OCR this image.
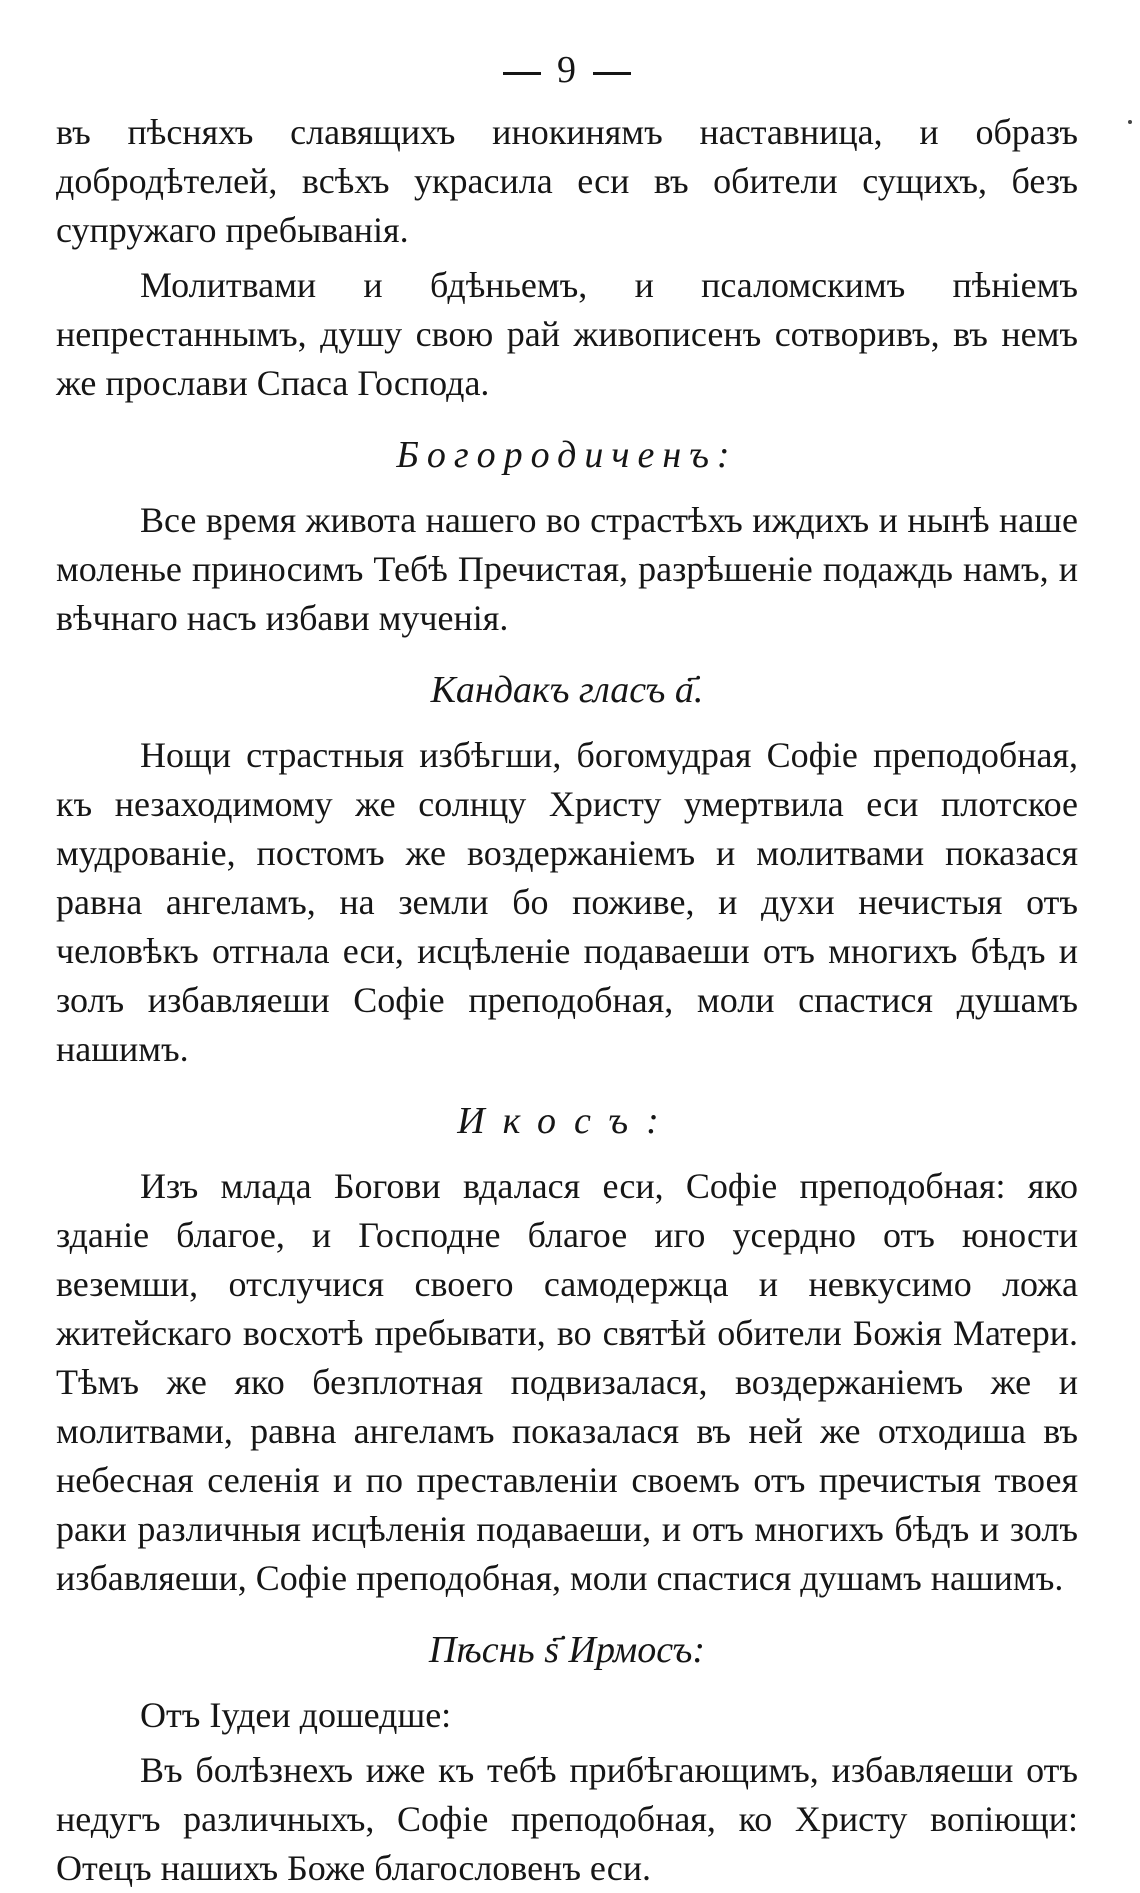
9

въ пѣсняхъ славящихъ инокинямъ наставница, и образъ добродѣтелей, всѣхъ украсила еси въ обители сущихъ, безъ супружаго пребыванія.

Молитвами и бдѣньемъ, и псаломскимъ пѣніемъ непрестаннымъ, душу свою рай живописенъ сотворивъ, въ немъ же прослави Спаса Господа.

Богородиченъ:

Все время живота нашего во страстѣхъ иждихъ и нынѣ наше моленье приносимъ Тебѣ Пречистая, разрѣшеніе подаждь намъ, и вѣчнаго насъ избави мученія.

Кандакъ гласъ а҃.

Нощи страстныя избѣгши, богомудрая Софіе преподобная, къ незаходимому же солнцу Христу умертвила еси плотское мудрованіе, постомъ же воздержаніемъ и молитвами показася равна ангеламъ, на земли бо поживе, и духи нечистыя отъ человѣкъ отгнала еси, исцѣленіе подаваеши отъ многихъ бѣдъ и золъ избавляеши Софіе преподобная, моли спастися душамъ нашимъ.

Икосъ:

Изъ млада Богови вдалася еси, Софіе преподобная: яко зданіе благое, и Господне благое иго усердно отъ юности веземши, отслучися своего самодержца и невкусимо ложа житейскаго восхотѣ пребывати, во святѣй обители Божія Матери. Тѣмъ же яко безплотная подвизалася, воздержаніемъ же и молитвами, равна ангеламъ показалася въ ней же отходиша въ небесная селенія и по преставленіи своемъ отъ пречистыя твоея раки различныя исцѣленія подаваеши, и отъ многихъ бѣдъ и золъ избавляеши, Софіе преподобная, моли спастися душамъ нашимъ.

Пѣснь ѕ҃ Ирмосъ:

Отъ Іудеи дошедше:

Въ болѣзнехъ иже къ тебѣ прибѣгающимъ, избавляеши отъ недугъ различныхъ, Софіе преподобная, ко Христу вопіющи: Отецъ нашихъ Боже благословенъ еси.
